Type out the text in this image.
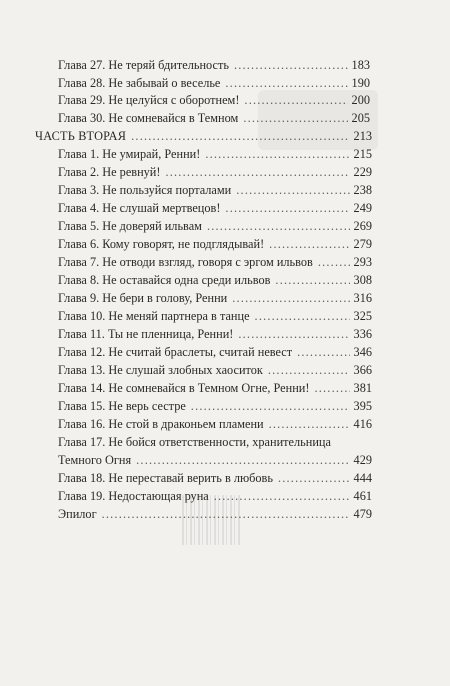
Глава 27. Не теряй бдительность .....	183
Глава 28. Не забывай о веселье .....	190
Глава 29. Не целуйся с оборотнем! .....	200
Глава 30. Не сомневайся в Темном .....	205
ЧАСТЬ ВТОРАЯ .....	213
Глава 1. Не умирай, Ренни! .....	215
Глава 2. Не ревнуй! .....	229
Глава 3. Не пользуйся порталами .....	238
Глава 4. Не слушай мертвецов! .....	249
Глава 5. Не доверяй ильвам .....	269
Глава 6. Кому говорят, не подглядывай! .....	279
Глава 7. Не отводи взгляд, говоря с эргом ильвов .....	293
Глава 8. Не оставайся одна среди ильвов .....	308
Глава 9. Не бери в голову, Ренни .....	316
Глава 10. Не меняй партнера в танце .....	325
Глава 11. Ты не пленница, Ренни! .....	336
Глава 12. Не считай браслеты, считай невест .....	346
Глава 13. Не слушай злобных хаоситок .....	366
Глава 14. Не сомневайся в Темном Огне, Ренни! .....	381
Глава 15. Не верь сестре .....	395
Глава 16. Не стой в драконьем пламени .....	416
Глава 17. Не бойся ответственности, хранительница
Темного Огня .....	429
Глава 18. Не переставай верить в любовь .....	444
Глава 19. Недостающая руна .....	461
Эпилог .....	479
